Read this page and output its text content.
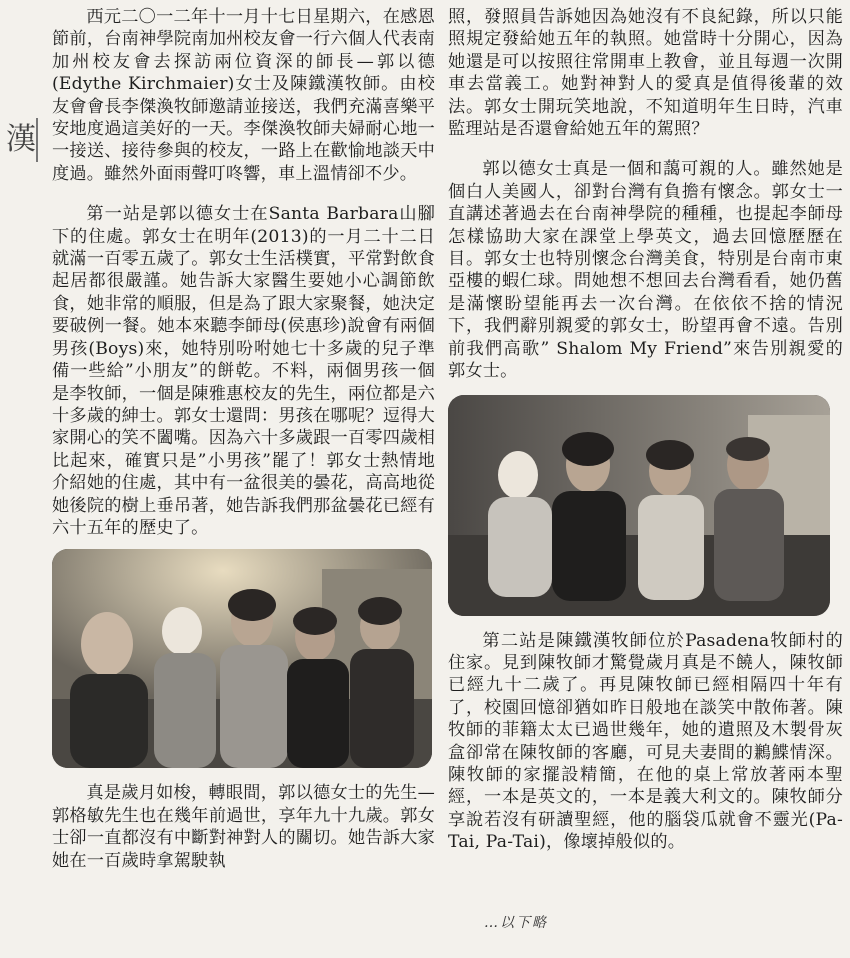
漢

西元二〇一二年十一月十七日星期六，在感恩節前，台南神學院南加州校友會一行六個人代表南加州校友會去探訪兩位資深的師長—郭以德(Edythe Kirchmaier)女士及陳鐵漢牧師。由校友會會長李傑渙牧師邀請並接送，我們充滿喜樂平安地度過這美好的一天。李傑渙牧師夫婦耐心地一一接送、接待參與的校友，一路上在歡愉地談天中度過。雖然外面雨聲叮咚響，車上溫情卻不少。

第一站是郭以德女士在Santa Barbara山腳下的住處。郭女士在明年(2013)的一月二十二日就滿一百零五歲了。郭女士生活樸實，平常對飲食起居都很嚴謹。她告訴大家醫生要她小心調節飲食，她非常的順服，但是為了跟大家聚餐，她決定要破例一餐。她本來聽李師母(侯惠珍)說會有兩個男孩(Boys)來，她特別吩咐她七十多歲的兒子準備一些給”小朋友”的餅乾。不料，兩個男孩一個是李牧師，一個是陳雅惠校友的先生，兩位都是六十多歲的紳士。郭女士還問：男孩在哪呢？逗得大家開心的笑不闔嘴。因為六十多歲跟一百零四歲相比起來，確實只是”小男孩”罷了！郭女士熱情地介紹她的住處，其中有一盆很美的曇花，高高地從她後院的樹上垂吊著，她告訴我們那盆曇花已經有六十五年的歷史了。

真是歲月如梭，轉眼間，郭以德女士的先生—郭格敏先生也在幾年前過世，享年九十九歲。郭女士卻一直都沒有中斷對神對人的關切。她告訴大家她在一百歲時拿駕駛執

照，發照員告訴她因為她沒有不良紀錄，所以只能照規定發給她五年的執照。她當時十分開心，因為她還是可以按照往常開車上教會，並且每週一次開車去當義工。她對神對人的愛真是值得後輩的效法。郭女士開玩笑地說，不知道明年生日時，汽車監理站是否還會給她五年的駕照？

郭以德女士真是一個和藹可親的人。雖然她是個白人美國人，卻對台灣有負擔有懷念。郭女士一直講述著過去在台南神學院的種種，也提起李師母怎樣協助大家在課堂上學英文，過去回憶歷歷在目。郭女士也特別懷念台灣美食，特別是台南市東亞樓的蝦仁球。問她想不想回去台灣看看，她仍舊是滿懷盼望能再去一次台灣。在依依不捨的情況下，我們辭別親愛的郭女士，盼望再會不遠。告別前我們高歌” Shalom My Friend”來告別親愛的郭女士。

第二站是陳鐵漢牧師位於Pasadena牧師村的住家。見到陳牧師才驚覺歲月真是不饒人，陳牧師已經九十二歲了。再見陳牧師已經相隔四十年有了，校園回憶卻猶如昨日般地在談笑中散佈著。陳牧師的菲籍太太已過世幾年，她的遺照及木製骨灰盒卻常在陳牧師的客廳，可見夫妻間的鶼鰈情深。陳牧師的家擺設精簡，在他的桌上常放著兩本聖經，一本是英文的，一本是義大利文的。陳牧師分享說若沒有研讀聖經，他的腦袋瓜就會不靈光(Pa-Tai, Pa-Tai)，像壞掉般似的。

…以下略
